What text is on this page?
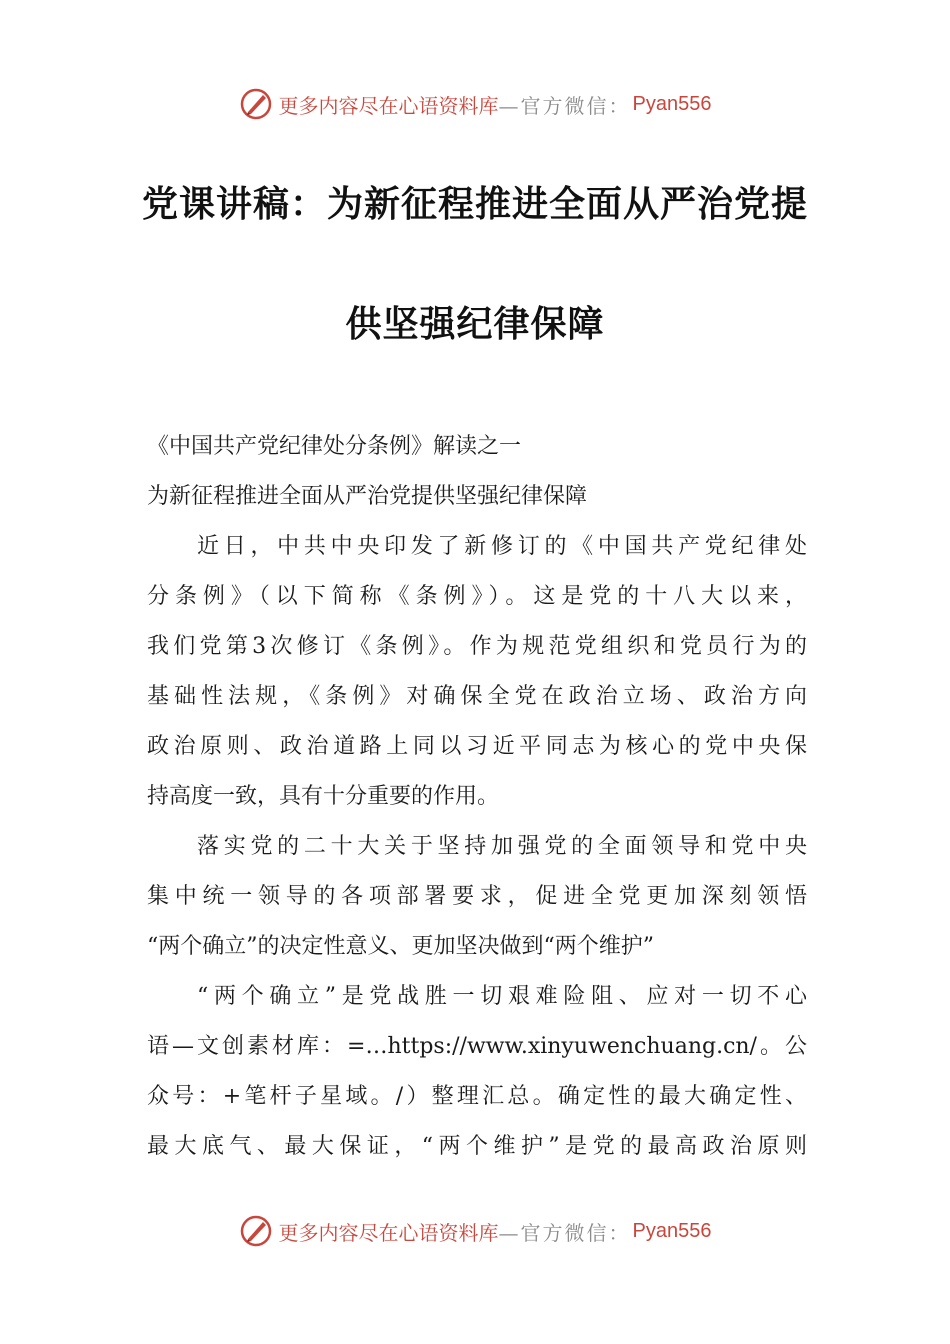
更多内容尽在心语资料库 —官方微信： Pyan556
党课讲稿：为新征程推进全面从严治党提
供坚强纪律保障
《中国共产党纪律处分条例》解读之一
为新征程推进全面从严治党提供坚强纪律保障
近日，中共中央印发了新修订的《中国共产党纪律处
分条例》（以下简称《条例》）。这是党的十八大以来，
我们党第3次修订《条例》。作为规范党组织和党员行为的
基础性法规，《条例》对确保全党在政治立场、政治方向
政治原则、政治道路上同以习近平同志为核心的党中央保
持高度一致，具有十分重要的作用。
落实党的二十大关于坚持加强党的全面领导和党中央
集中统一领导的各项部署要求，促进全党更加深刻领悟
“两个确立”的决定性意义、更加坚决做到“两个维护”
“两个确立”是党战胜一切艰难险阻、应对一切不心
语—文创素材库：=…https://www.xinyuwenchuang.cn/。公
众号：+笔杆子星域。/）整理汇总。确定性的最大确定性、
最大底气、最大保证，“两个维护”是党的最高政治原则
更多内容尽在心语资料库 —官方微信： Pyan556
